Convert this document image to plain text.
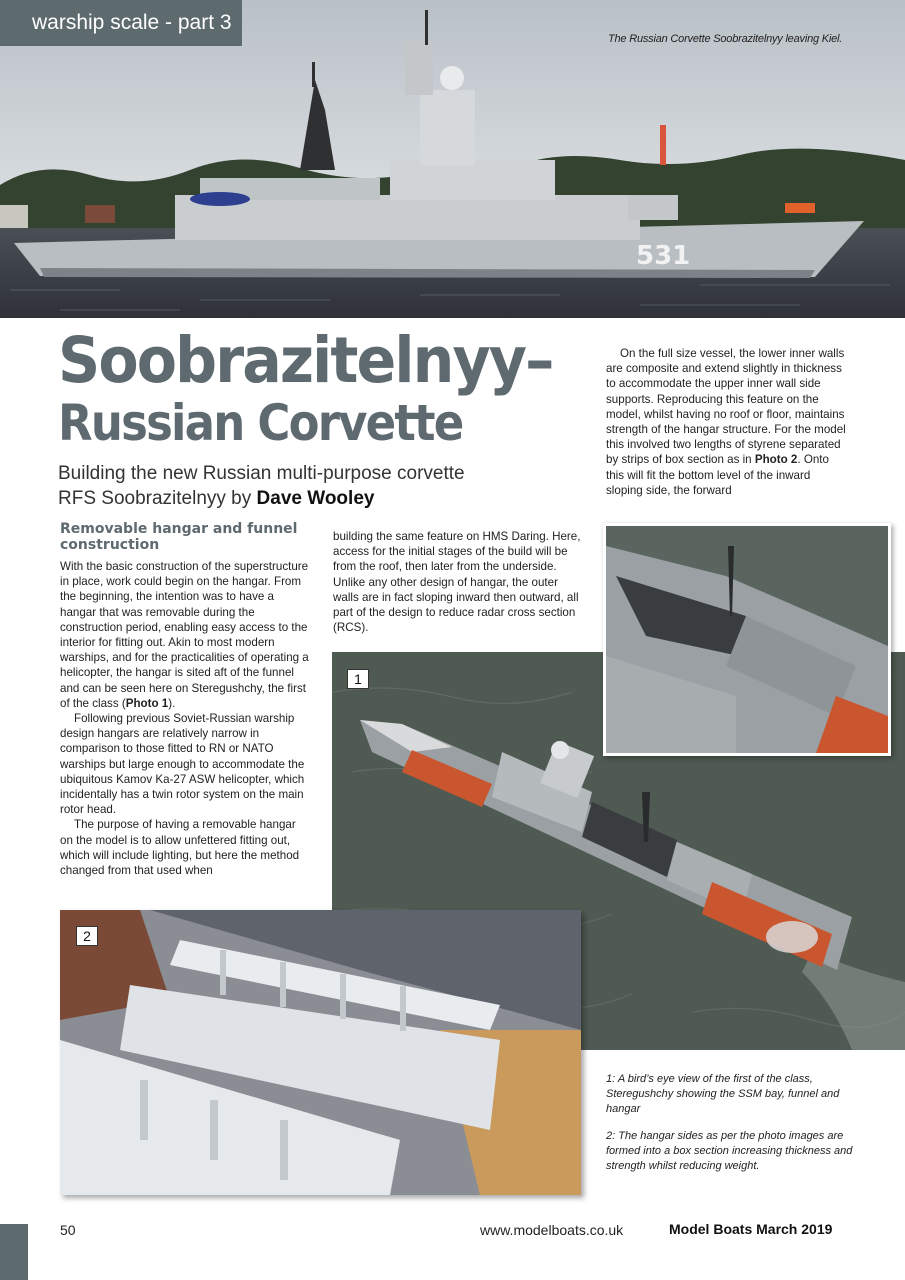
531
warship scale - part 3
The Russian Corvette Soobrazitelnyy leaving Kiel.
Soobrazitelnyy–
Russian Corvette
Building the new Russian multi-purpose corvette
RFS Soobrazitelnyy by Dave Wooley
Removable hangar and funnel construction

With the basic construction of the superstructure in place, work could begin on the hangar. From the beginning, the intention was to have a hangar that was removable during the construction period, enabling easy access to the interior for fitting out. Akin to most modern warships, and for the practicalities of operating a helicopter, the hangar is sited aft of the funnel and can be seen here on Steregushchy, the first of the class (Photo 1).

Following previous Soviet-Russian warship design hangars are relatively narrow in comparison to those fitted to RN or NATO warships but large enough to accommodate the ubiquitous Kamov Ka-27 ASW helicopter, which incidentally has a twin rotor system on the main rotor head.

The purpose of having a removable hangar on the model is to allow unfettered fitting out, which will include lighting, but here the method changed from that used when

building the same feature on HMS Daring. Here, access for the initial stages of the build will be from the roof, then later from the underside. Unlike any other design of hangar, the outer walls are in fact sloping inward then outward, all part of the design to reduce radar cross section (RCS).

On the full size vessel, the lower inner walls are composite and extend slightly in thickness to accommodate the upper inner wall side supports. Reproducing this feature on the model, whilst having no roof or floor, maintains strength of the hangar structure. For the model this involved two lengths of styrene separated by strips of box section as in Photo 2. Onto this will fit the bottom level of the inward sloping side, the forward

1
2

1: A bird’s eye view of the first of the class, Steregushchy showing the SSM bay, funnel and hangar

2: The hangar sides as per the photo images are formed into a box section increasing thickness and strength whilst reducing weight.

50	www.modelboats.co.uk	Model Boats March 2019
